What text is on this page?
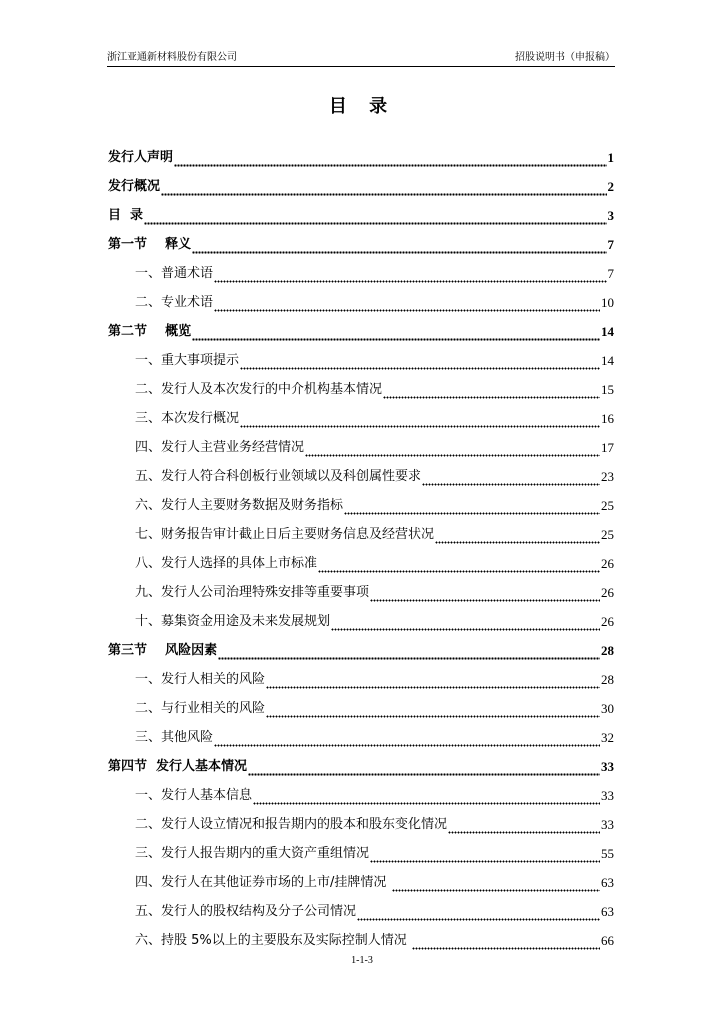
浙江亚通新材料股份有限公司	招股说明书（申报稿）
目 录
发行人声明	1
发行概况	2
目  录	3
第一节    释义	7
一、普通术语	7
二、专业术语	10
第二节    概览	14
一、重大事项提示	14
二、发行人及本次发行的中介机构基本情况	15
三、本次发行概况	16
四、发行人主营业务经营情况	17
五、发行人符合科创板行业领域以及科创属性要求	23
六、发行人主要财务数据及财务指标	25
七、财务报告审计截止日后主要财务信息及经营状况	25
八、发行人选择的具体上市标准	26
九、发行人公司治理特殊安排等重要事项	26
十、募集资金用途及未来发展规划	26
第三节    风险因素	28
一、发行人相关的风险	28
二、与行业相关的风险	30
三、其他风险	32
第四节  发行人基本情况	33
一、发行人基本信息	33
二、发行人设立情况和报告期内的股本和股东变化情况	33
三、发行人报告期内的重大资产重组情况	55
四、发行人在其他证券市场的上市/挂牌情况	63
五、发行人的股权结构及分子公司情况	63
六、持股 5%以上的主要股东及实际控制人情况	66
1-1-3
